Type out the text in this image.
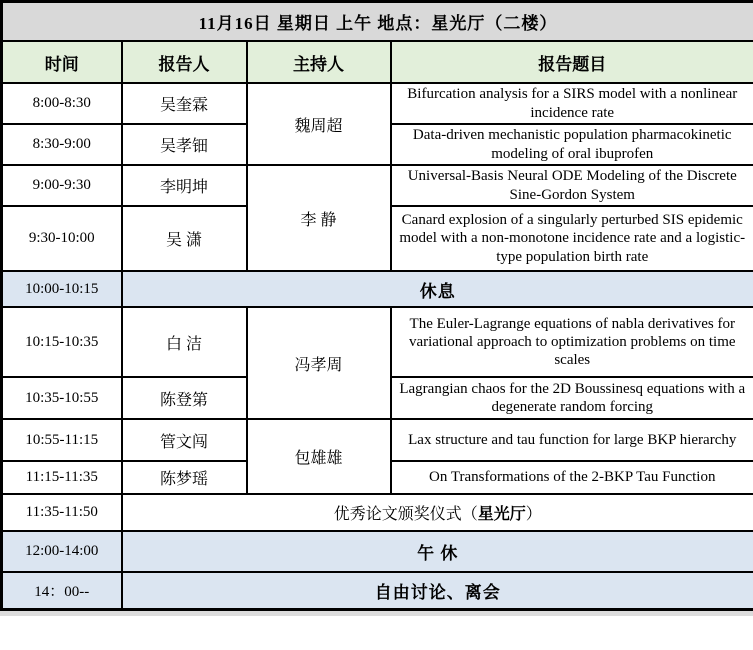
11月16日 星期日 上午 地点：星光厅（二楼）			
时间	报告人	主持人	报告题目
8:00-8:30	吴奎霖	魏周超	Bifurcation analysis for a SIRS model with a nonlinear incidence rate
8:30-9:00	吴孝钿		Data-driven mechanistic population pharmacokinetic modeling of oral ibuprofen
9:00-9:30	李明坤	李 静	Universal-Basis Neural ODE Modeling of the Discrete Sine-Gordon System
9:30-10:00	吴 潇		Canard explosion of a singularly perturbed SIS epidemic model with a non-monotone incidence rate and a logistic-type population birth rate
10:00-10:15	休息		
10:15-10:35	白 洁	冯孝周	The Euler-Lagrange equations of nabla derivatives for variational approach to optimization problems on time scales
10:35-10:55	陈登第		Lagrangian chaos for the 2D Boussinesq equations with a degenerate random forcing
10:55-11:15	管文闯	包雄雄	Lax structure and tau function for large BKP hierarchy
11:15-11:35	陈梦瑶		On Transformations of the 2-BKP Tau Function
11:35-11:50	优秀论文颁奖仪式（星光厅）		
12:00-14:00	午 休		
14：00--	自由讨论、离会		
